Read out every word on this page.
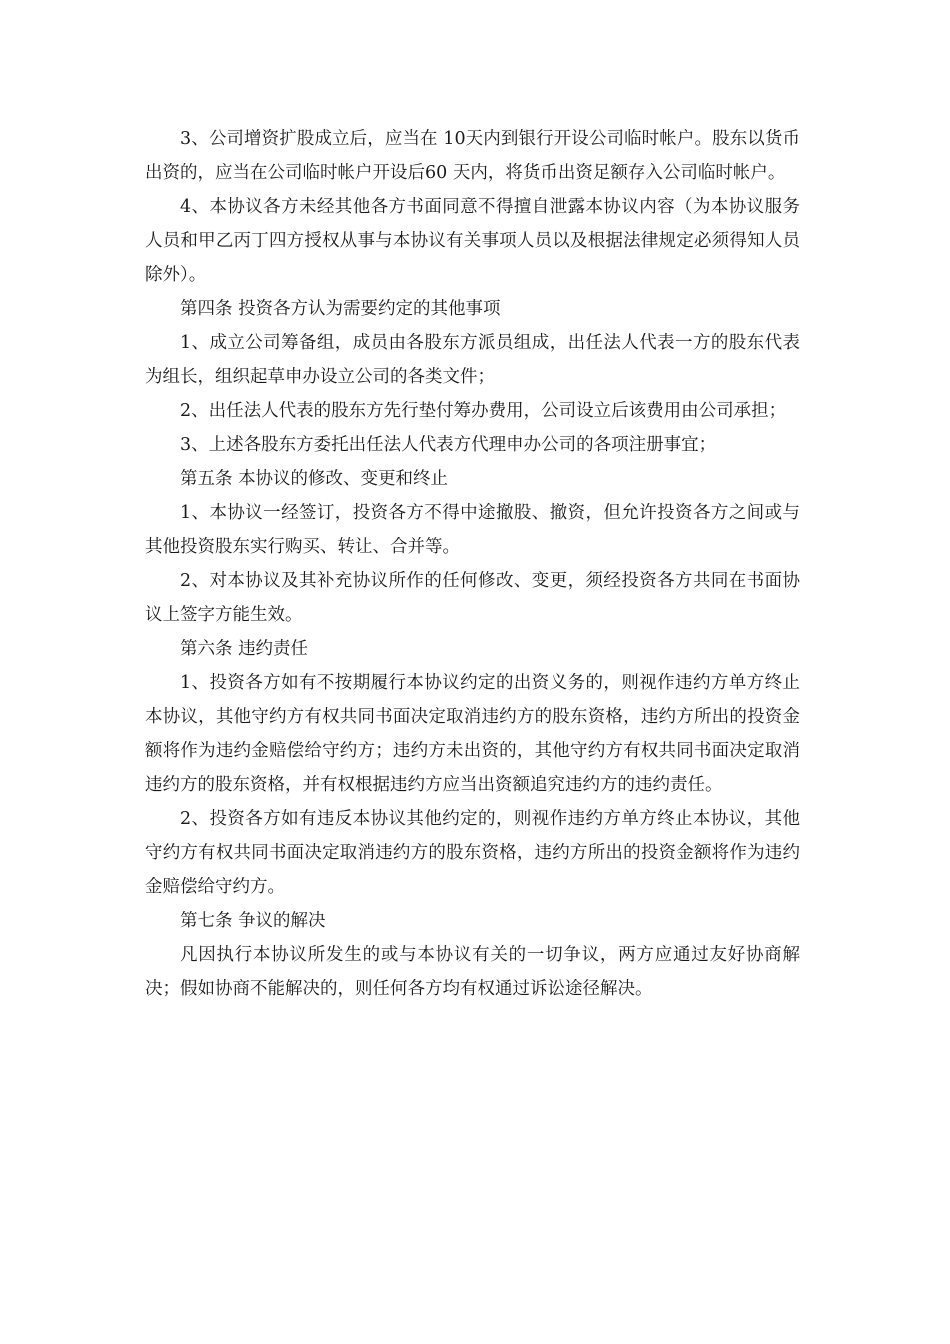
3、公司增资扩股成立后，应当在 10天内到银行开设公司临时帐户。股东以货币出资的，应当在公司临时帐户开设后60 天内，将货币出资足额存入公司临时帐户。

4、本协议各方未经其他各方书面同意不得擅自泄露本协议内容（为本协议服务人员和甲乙丙丁四方授权从事与本协议有关事项人员以及根据法律规定必须得知人员除外）。

第四条 投资各方认为需要约定的其他事项

1、成立公司筹备组，成员由各股东方派员组成，出任法人代表一方的股东代表为组长，组织起草申办设立公司的各类文件；

2、出任法人代表的股东方先行垫付筹办费用，公司设立后该费用由公司承担；

3、上述各股东方委托出任法人代表方代理申办公司的各项注册事宜；

第五条 本协议的修改、变更和终止

1、本协议一经签订，投资各方不得中途撤股、撤资，但允许投资各方之间或与其他投资股东实行购买、转让、合并等。

2、对本协议及其补充协议所作的任何修改、变更，须经投资各方共同在书面协议上签字方能生效。

第六条 违约责任

1、投资各方如有不按期履行本协议约定的出资义务的，则视作违约方单方终止本协议，其他守约方有权共同书面决定取消违约方的股东资格，违约方所出的投资金额将作为违约金赔偿给守约方；违约方未出资的，其他守约方有权共同书面决定取消违约方的股东资格，并有权根据违约方应当出资额追究违约方的违约责任。

2、投资各方如有违反本协议其他约定的，则视作违约方单方终止本协议，其他守约方有权共同书面决定取消违约方的股东资格，违约方所出的投资金额将作为违约金赔偿给守约方。

第七条 争议的解决

凡因执行本协议所发生的或与本协议有关的一切争议，两方应通过友好协商解决；假如协商不能解决的，则任何各方均有权通过诉讼途径解决。
